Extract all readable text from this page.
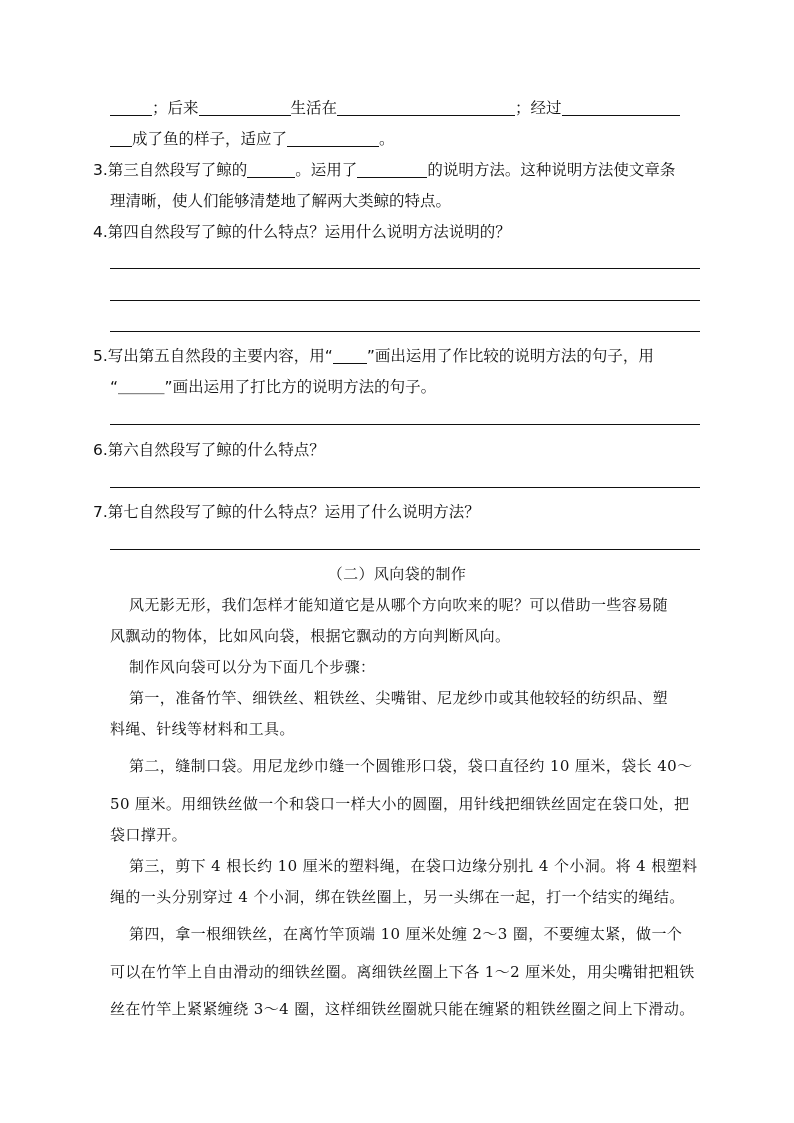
；后来	生活在	；经过
成了鱼的样子，适应了	。
3.第三自然段写了鲸的	。运用了	的说明方法。这种说明方法使文章条
理清晰，使人们能够清楚地了解两大类鲸的特点。
4.第四自然段写了鲸的什么特点？运用什么说明方法说明的？
5.写出第五自然段的主要内容，用“ ”画出运用了作比较的说明方法的句子，用
“＿＿＿”画出运用了打比方的说明方法的句子。
6.第六自然段写了鲸的什么特点？
7.第七自然段写了鲸的什么特点？运用了什么说明方法？
（二）风向袋的制作
风无影无形，我们怎样才能知道它是从哪个方向吹来的呢？可以借助一些容易随
风飘动的物体，比如风向袋，根据它飘动的方向判断风向。
制作风向袋可以分为下面几个步骤：
第一，准备竹竿、细铁丝、粗铁丝、尖嘴钳、尼龙纱巾或其他较轻的纺织品、塑
料绳、针线等材料和工具。
第二，缝制口袋。用尼龙纱巾缝一个圆锥形口袋，袋口直径约 10 厘米，袋长 40～
50 厘米。用细铁丝做一个和袋口一样大小的圆圈，用针线把细铁丝固定在袋口处，把
袋口撑开。
第三，剪下 4 根长约 10 厘米的塑料绳，在袋口边缘分别扎 4 个小洞。将 4 根塑料
绳的一头分别穿过 4 个小洞，绑在铁丝圈上，另一头绑在一起，打一个结实的绳结。
第四，拿一根细铁丝，在离竹竿顶端 10 厘米处缠 2～3 圈，不要缠太紧，做一个
可以在竹竿上自由滑动的细铁丝圈。离细铁丝圈上下各 1～2 厘米处，用尖嘴钳把粗铁
丝在竹竿上紧紧缠绕 3～4 圈，这样细铁丝圈就只能在缠紧的粗铁丝圈之间上下滑动。
